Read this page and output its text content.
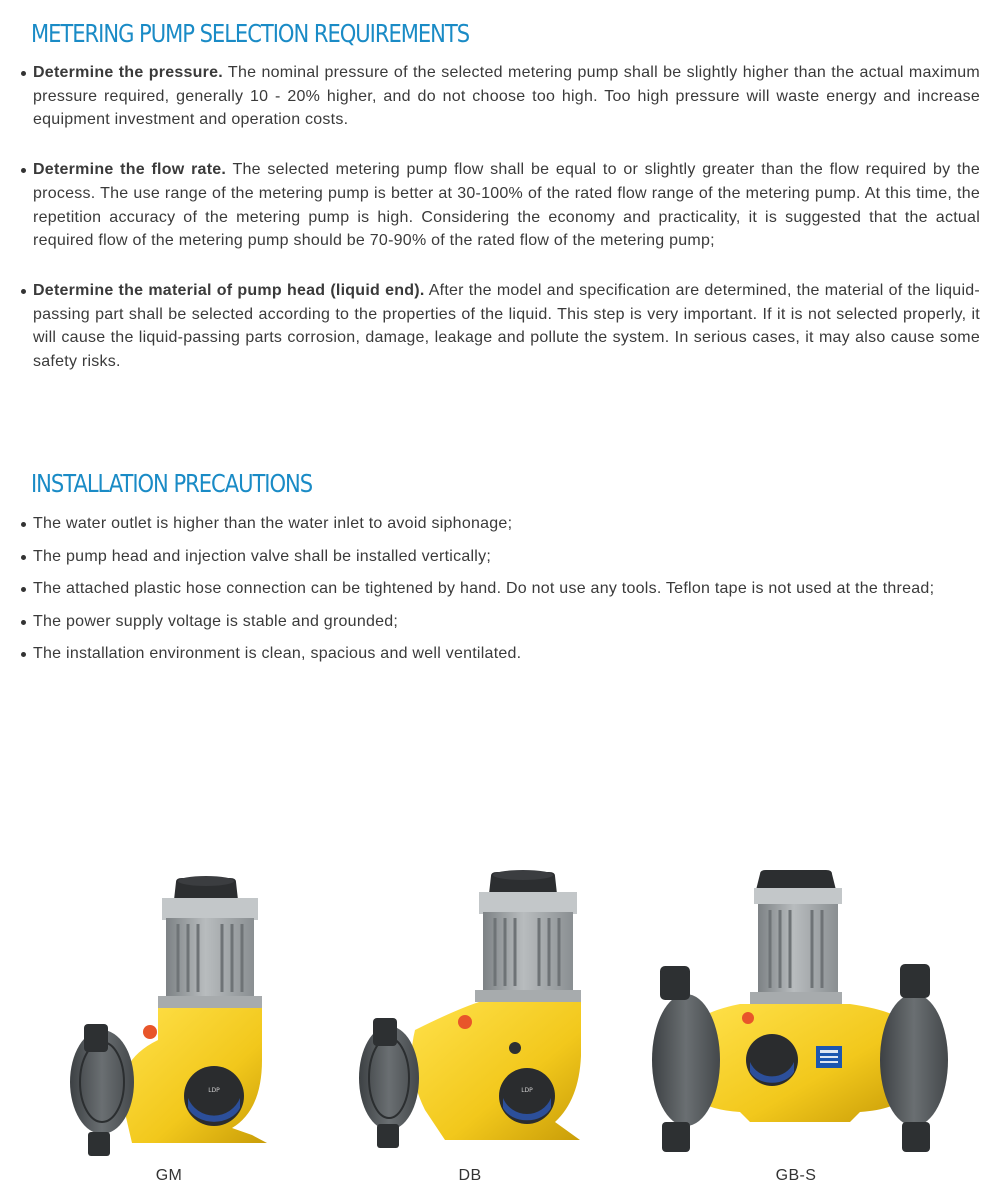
METERING PUMP SELECTION REQUIREMENTS
Determine the pressure. The nominal pressure of the selected metering pump shall be slightly higher than the actual maximum pressure required, generally 10 - 20% higher, and do not choose too high. Too high pressure will waste energy and increase equipment investment and operation costs.
Determine the flow rate. The selected metering pump flow shall be equal to or slightly greater than the flow required by the process. The use range of the metering pump is better at 30-100% of the rated flow range of the metering pump. At this time, the repetition accuracy of the metering pump is high. Considering the economy and practicality, it is suggested that the actual required flow of the metering pump should be 70-90% of the rated flow of the metering pump;
Determine the material of pump head (liquid end). After the model and specification are determined, the material of the liquid-passing part shall be selected according to the properties of the liquid. This step is very important. If it is not selected properly, it will cause the liquid-passing parts corrosion, damage, leakage and pollute the system. In serious cases, it may also cause some safety risks.
INSTALLATION PRECAUTIONS
The water outlet is higher than the water inlet to avoid siphonage;
The pump head and injection valve shall be installed vertically;
The attached plastic hose connection can be tightened by hand. Do not use any tools. Teflon tape is not used at the thread;
The power supply voltage is stable and grounded;
The installation environment is clean, spacious and well ventilated.
LDP	LDP
GM	DB	GB-S
